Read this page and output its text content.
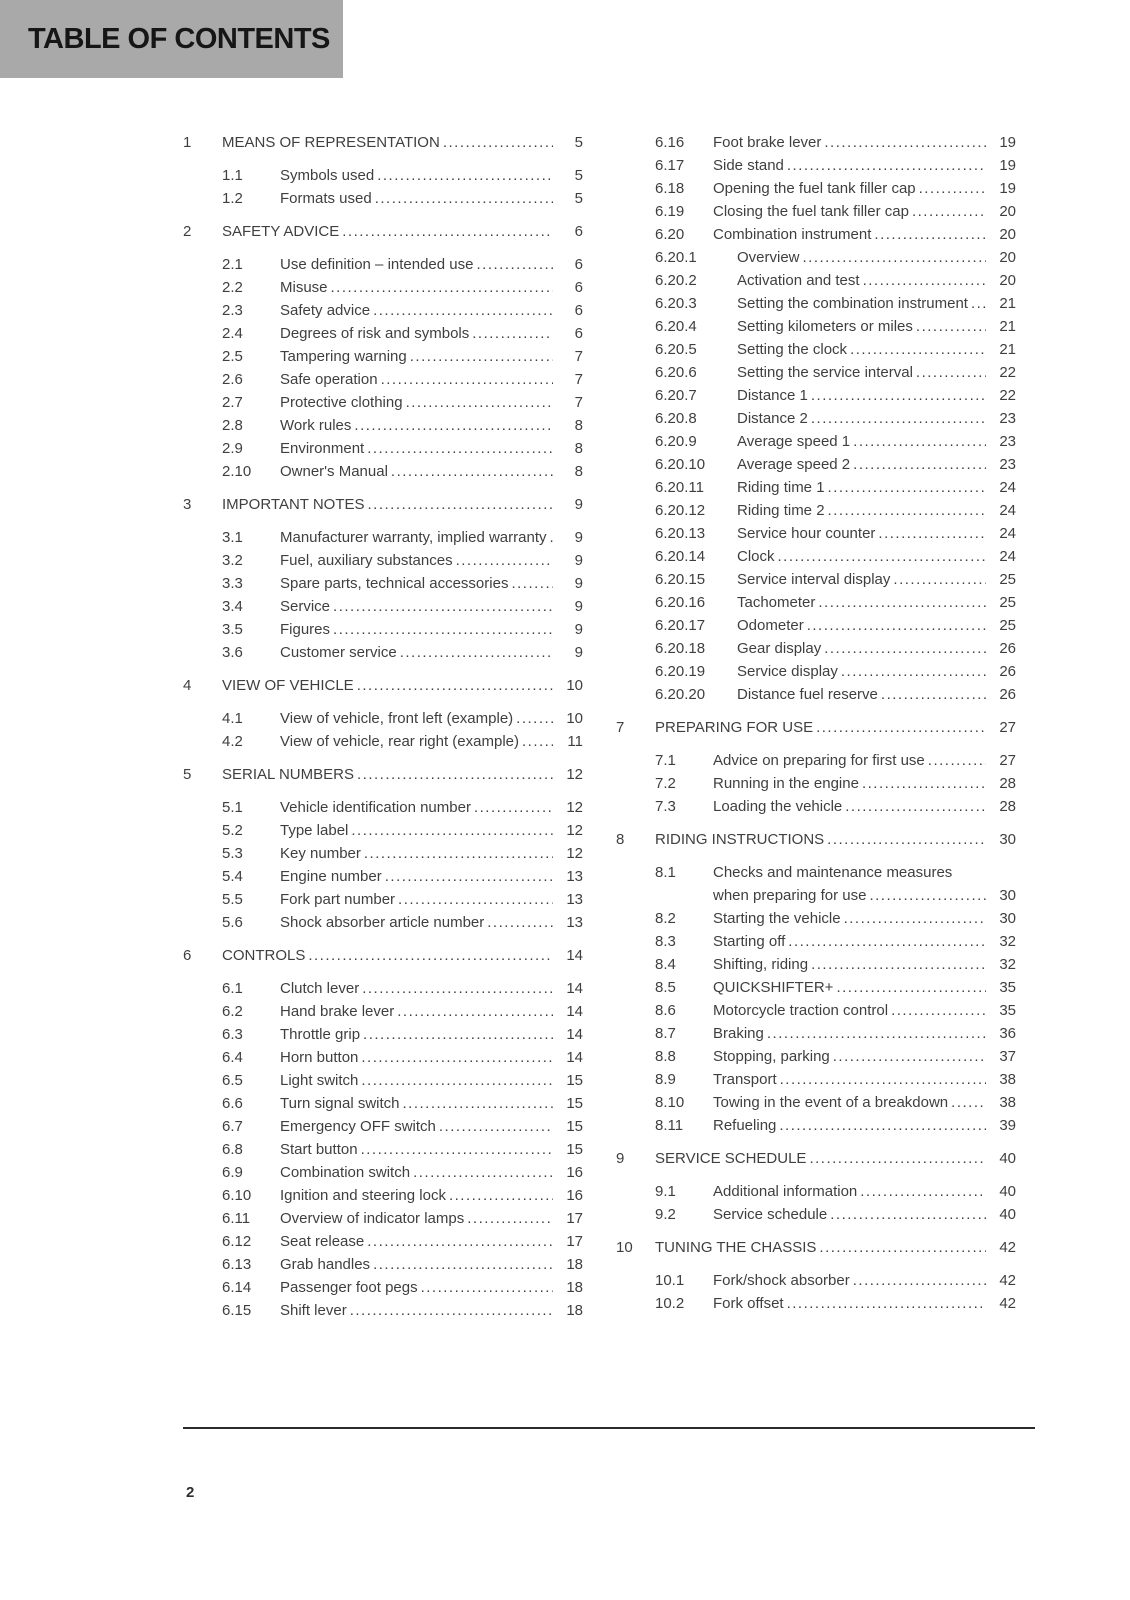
TABLE OF CONTENTS
1	MEANS OF REPRESENTATION .....	5
1.1	Symbols used .....	5
1.2	Formats used .....	5
2	SAFETY ADVICE .....	6
2.1	Use definition – intended use .....	6
2.2	Misuse .....	6
2.3	Safety advice .....	6
2.4	Degrees of risk and symbols .....	6
2.5	Tampering warning .....	7
2.6	Safe operation .....	7
2.7	Protective clothing .....	7
2.8	Work rules .....	8
2.9	Environment .....	8
2.10	Owner's Manual .....	8
3	IMPORTANT NOTES .....	9
3.1	Manufacturer warranty, implied warranty .....	9
3.2	Fuel, auxiliary substances .....	9
3.3	Spare parts, technical accessories .....	9
3.4	Service .....	9
3.5	Figures .....	9
3.6	Customer service .....	9
4	VIEW OF VEHICLE .....	10
4.1	View of vehicle, front left (example) .....	10
4.2	View of vehicle, rear right (example) .....	11
5	SERIAL NUMBERS .....	12
5.1	Vehicle identification number .....	12
5.2	Type label .....	12
5.3	Key number .....	12
5.4	Engine number .....	13
5.5	Fork part number .....	13
5.6	Shock absorber article number .....	13
6	CONTROLS .....	14
6.1	Clutch lever .....	14
6.2	Hand brake lever .....	14
6.3	Throttle grip .....	14
6.4	Horn button .....	14
6.5	Light switch .....	15
6.6	Turn signal switch .....	15
6.7	Emergency OFF switch .....	15
6.8	Start button .....	15
6.9	Combination switch .....	16
6.10	Ignition and steering lock .....	16
6.11	Overview of indicator lamps .....	17
6.12	Seat release .....	17
6.13	Grab handles .....	18
6.14	Passenger foot pegs .....	18
6.15	Shift lever .....	18
6.16	Foot brake lever .....	19
6.17	Side stand .....	19
6.18	Opening the fuel tank filler cap .....	19
6.19	Closing the fuel tank filler cap .....	20
6.20	Combination instrument .....	20
6.20.1	Overview .....	20
6.20.2	Activation and test .....	20
6.20.3	Setting the combination instrument .....	21
6.20.4	Setting kilometers or miles .....	21
6.20.5	Setting the clock .....	21
6.20.6	Setting the service interval .....	22
6.20.7	Distance 1 .....	22
6.20.8	Distance 2 .....	23
6.20.9	Average speed 1 .....	23
6.20.10	Average speed 2 .....	23
6.20.11	Riding time 1 .....	24
6.20.12	Riding time 2 .....	24
6.20.13	Service hour counter .....	24
6.20.14	Clock .....	24
6.20.15	Service interval display .....	25
6.20.16	Tachometer .....	25
6.20.17	Odometer .....	25
6.20.18	Gear display .....	26
6.20.19	Service display .....	26
6.20.20	Distance fuel reserve .....	26
7	PREPARING FOR USE .....	27
7.1	Advice on preparing for first use .....	27
7.2	Running in the engine .....	28
7.3	Loading the vehicle .....	28
8	RIDING INSTRUCTIONS .....	30
8.1	Checks and maintenance measures when preparing for use .....	30
8.2	Starting the vehicle .....	30
8.3	Starting off .....	32
8.4	Shifting, riding .....	32
8.5	QUICKSHIFTER+ .....	35
8.6	Motorcycle traction control .....	35
8.7	Braking .....	36
8.8	Stopping, parking .....	37
8.9	Transport .....	38
8.10	Towing in the event of a breakdown .....	38
8.11	Refueling .....	39
9	SERVICE SCHEDULE .....	40
9.1	Additional information .....	40
9.2	Service schedule .....	40
10	TUNING THE CHASSIS .....	42
10.1	Fork/shock absorber .....	42
10.2	Fork offset .....	42
2
